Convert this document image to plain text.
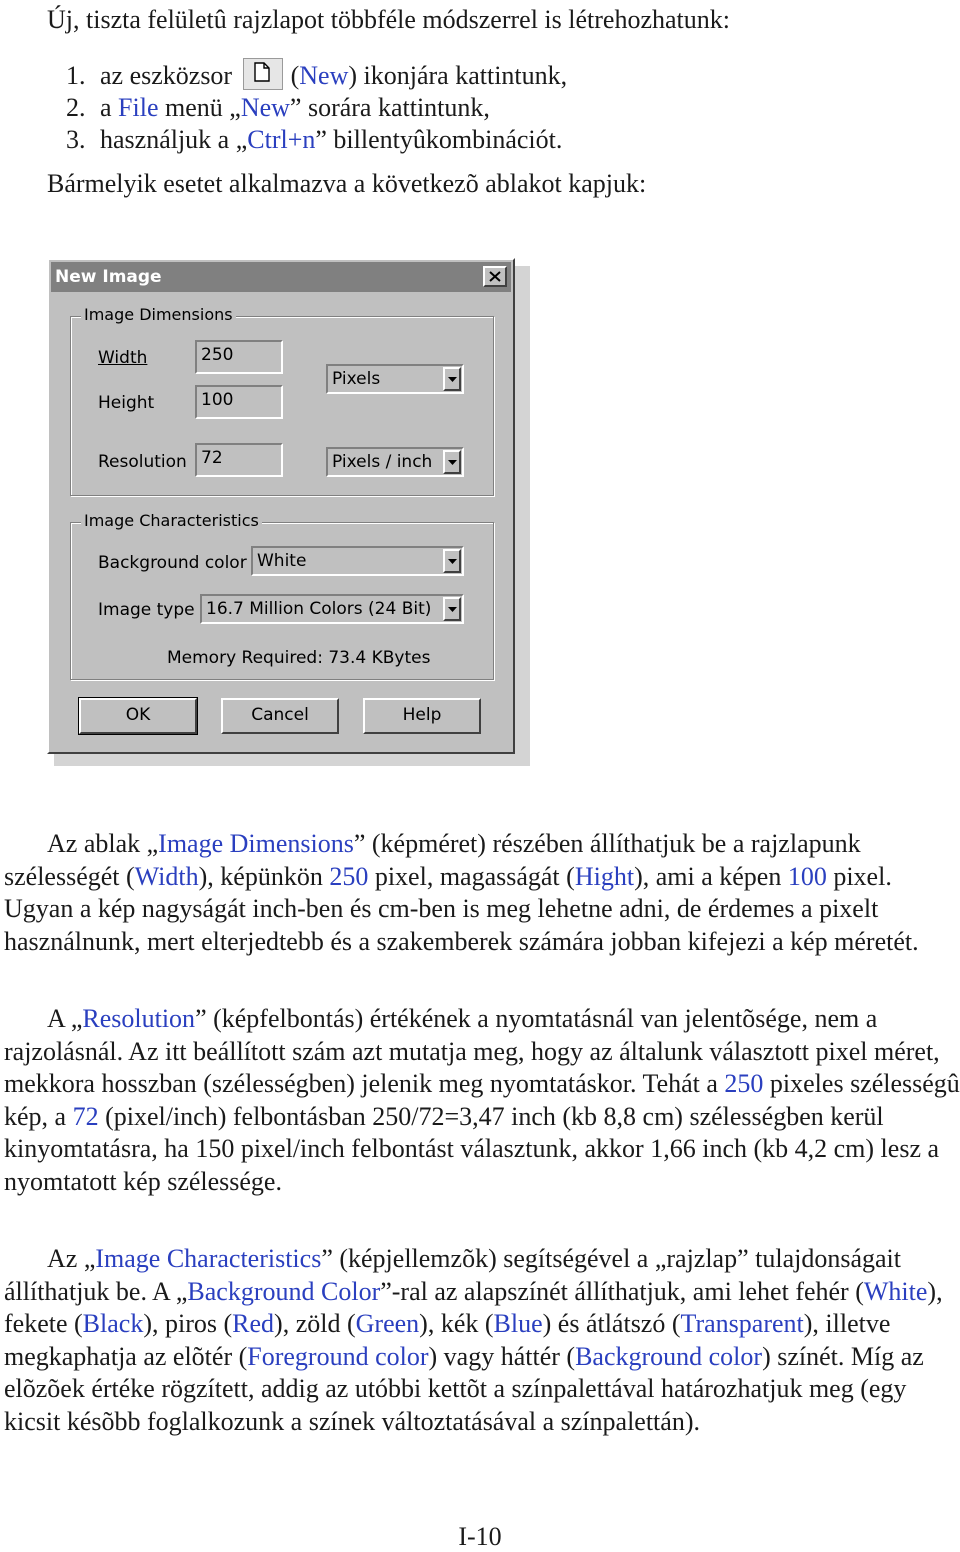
Új, tiszta felületû rajzlapot többféle módszerrel is létrehozhatunk:

1. az eszközsor (New) ikonjára kattintunk,
2. a File menü „New” sorára kattintunk,
3. használjuk a „Ctrl+n” billentyûkombinációt.

Bármelyik esetet alkalmazva a következõ ablakot kapjuk:

New Image
Image Dimensions
Width	250
Height	100
Pixels
Resolution 72	Pixels / inch
Image Characteristics
Background color White
Image type 16.7 Million Colors (24 Bit)
Memory Required: 73.4 KBytes
OK	Cancel	Help

Az ablak „Image Dimensions” (képméret) részében állíthatjuk be a rajzlapunk szélességét (Width), képünkön 250 pixel, magasságát (Hight), ami a képen 100 pixel. Ugyan a kép nagyságát inch-ben és cm-ben is meg lehetne adni, de érdemes a pixelt használnunk, mert elterjedtebb és a szakemberek számára jobban kifejezi a kép méretét.

A „Resolution” (képfelbontás) értékének a nyomtatásnál van jelentõsége, nem a rajzolásnál. Az itt beállított szám azt mutatja meg, hogy az általunk választott pixel méret, mekkora hosszban (szélességben) jelenik meg nyomtatáskor. Tehát a 250 pixeles szélességû kép, a 72 (pixel/inch) felbontásban 250/72=3,47 inch (kb 8,8 cm) szélességben kerül kinyomtatásra, ha 150 pixel/inch felbontást választunk, akkor 1,66 inch (kb 4,2 cm) lesz a nyomtatott kép szélessége.

Az „Image Characteristics” (képjellemzõk) segítségével a „rajzlap” tulajdonságait állíthatjuk be. A „Background Color”-ral az alapszínét állíthatjuk, ami lehet fehér (White), fekete (Black), piros (Red), zöld (Green), kék (Blue) és átlátszó (Transparent), illetve megkaphatja az elõtér (Foreground color) vagy háttér (Background color) színét. Míg az elõzõek értéke rögzített, addig az utóbbi kettõt a színpalettával határozhatjuk meg (egy kicsit késõbb foglalkozunk a színek változtatásával a színpalettán).

I-10
